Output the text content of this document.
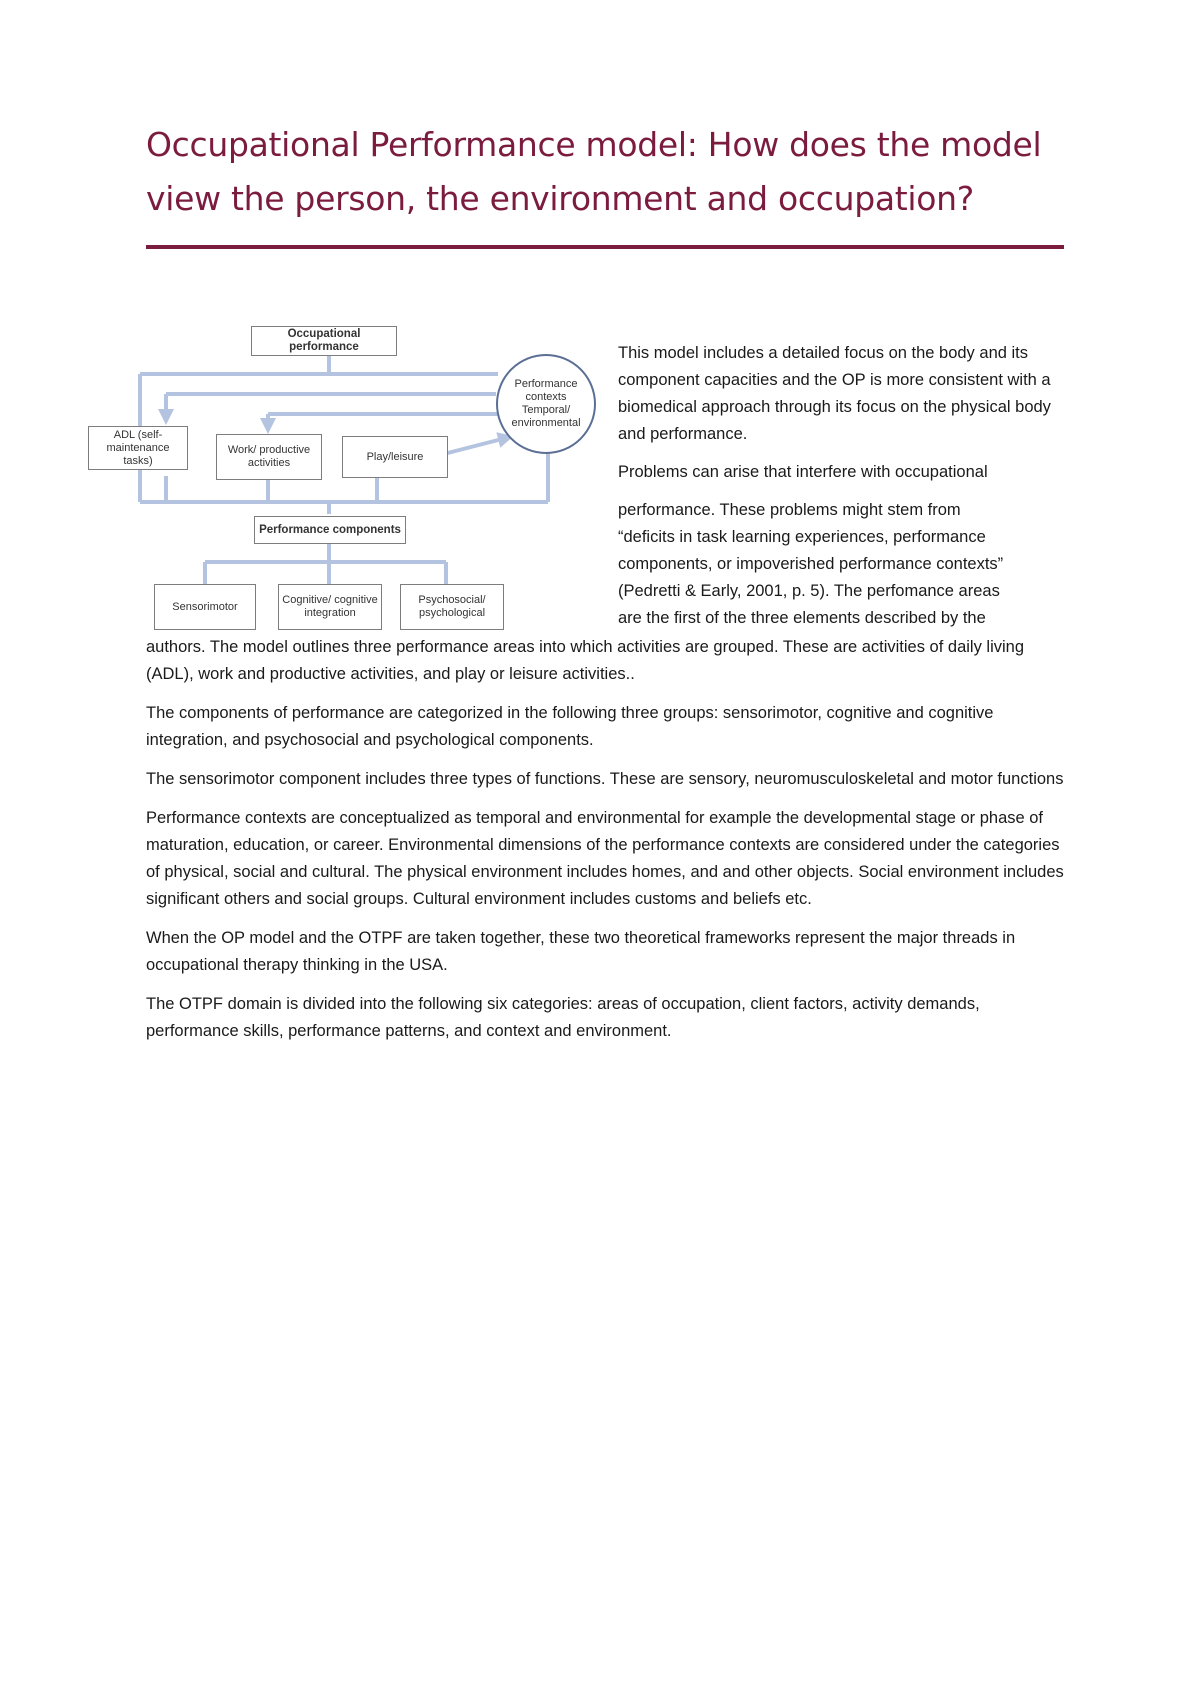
Occupational Performance model: How does the model
view the person, the environment and occupation?
Occupational performance
Performance
contexts
Temporal/
environmental
ADL (self-maintenance tasks)
Work/ productive activities
Play/leisure
Performance components
Sensorimotor
Cognitive/ cognitive integration
Psychosocial/ psychological

This model includes a detailed focus on the body and its component capacities and the OP is more consistent with a biomedical approach through its focus on the physical body and performance.

Problems can arise that interfere with occupational

performance. These problems might stem from
“deficits in task learning experiences, performance
components, or impoverished performance contexts”
(Pedretti & Early, 2001, p. 5). The perfomance areas
are the first of the three elements described by the

authors. The model outlines three performance areas into which activities are grouped. These are activities of daily living (ADL), work and productive activities, and play or leisure activities..

The components of performance are categorized in the following three groups: sensorimotor, cognitive and cognitive integration, and psychosocial and psychological components.

The sensorimotor component includes three types of functions. These are sensory, neuromusculoskeletal and motor functions

Performance contexts are conceptualized as temporal and environmental for example the developmental stage or phase of maturation, education, or career. Environmental dimensions of the performance contexts are considered under the categories of physical, social and cultural. The physical environment includes homes, and and other objects. Social environment includes significant others and social groups. Cultural environment includes customs and beliefs etc.

When the OP model and the OTPF are taken together, these two theoretical frameworks represent the major threads in occupational therapy thinking in the USA.

The OTPF domain is divided into the following six categories: areas of occupation, client factors, activity demands, performance skills, performance patterns, and context and environment.
